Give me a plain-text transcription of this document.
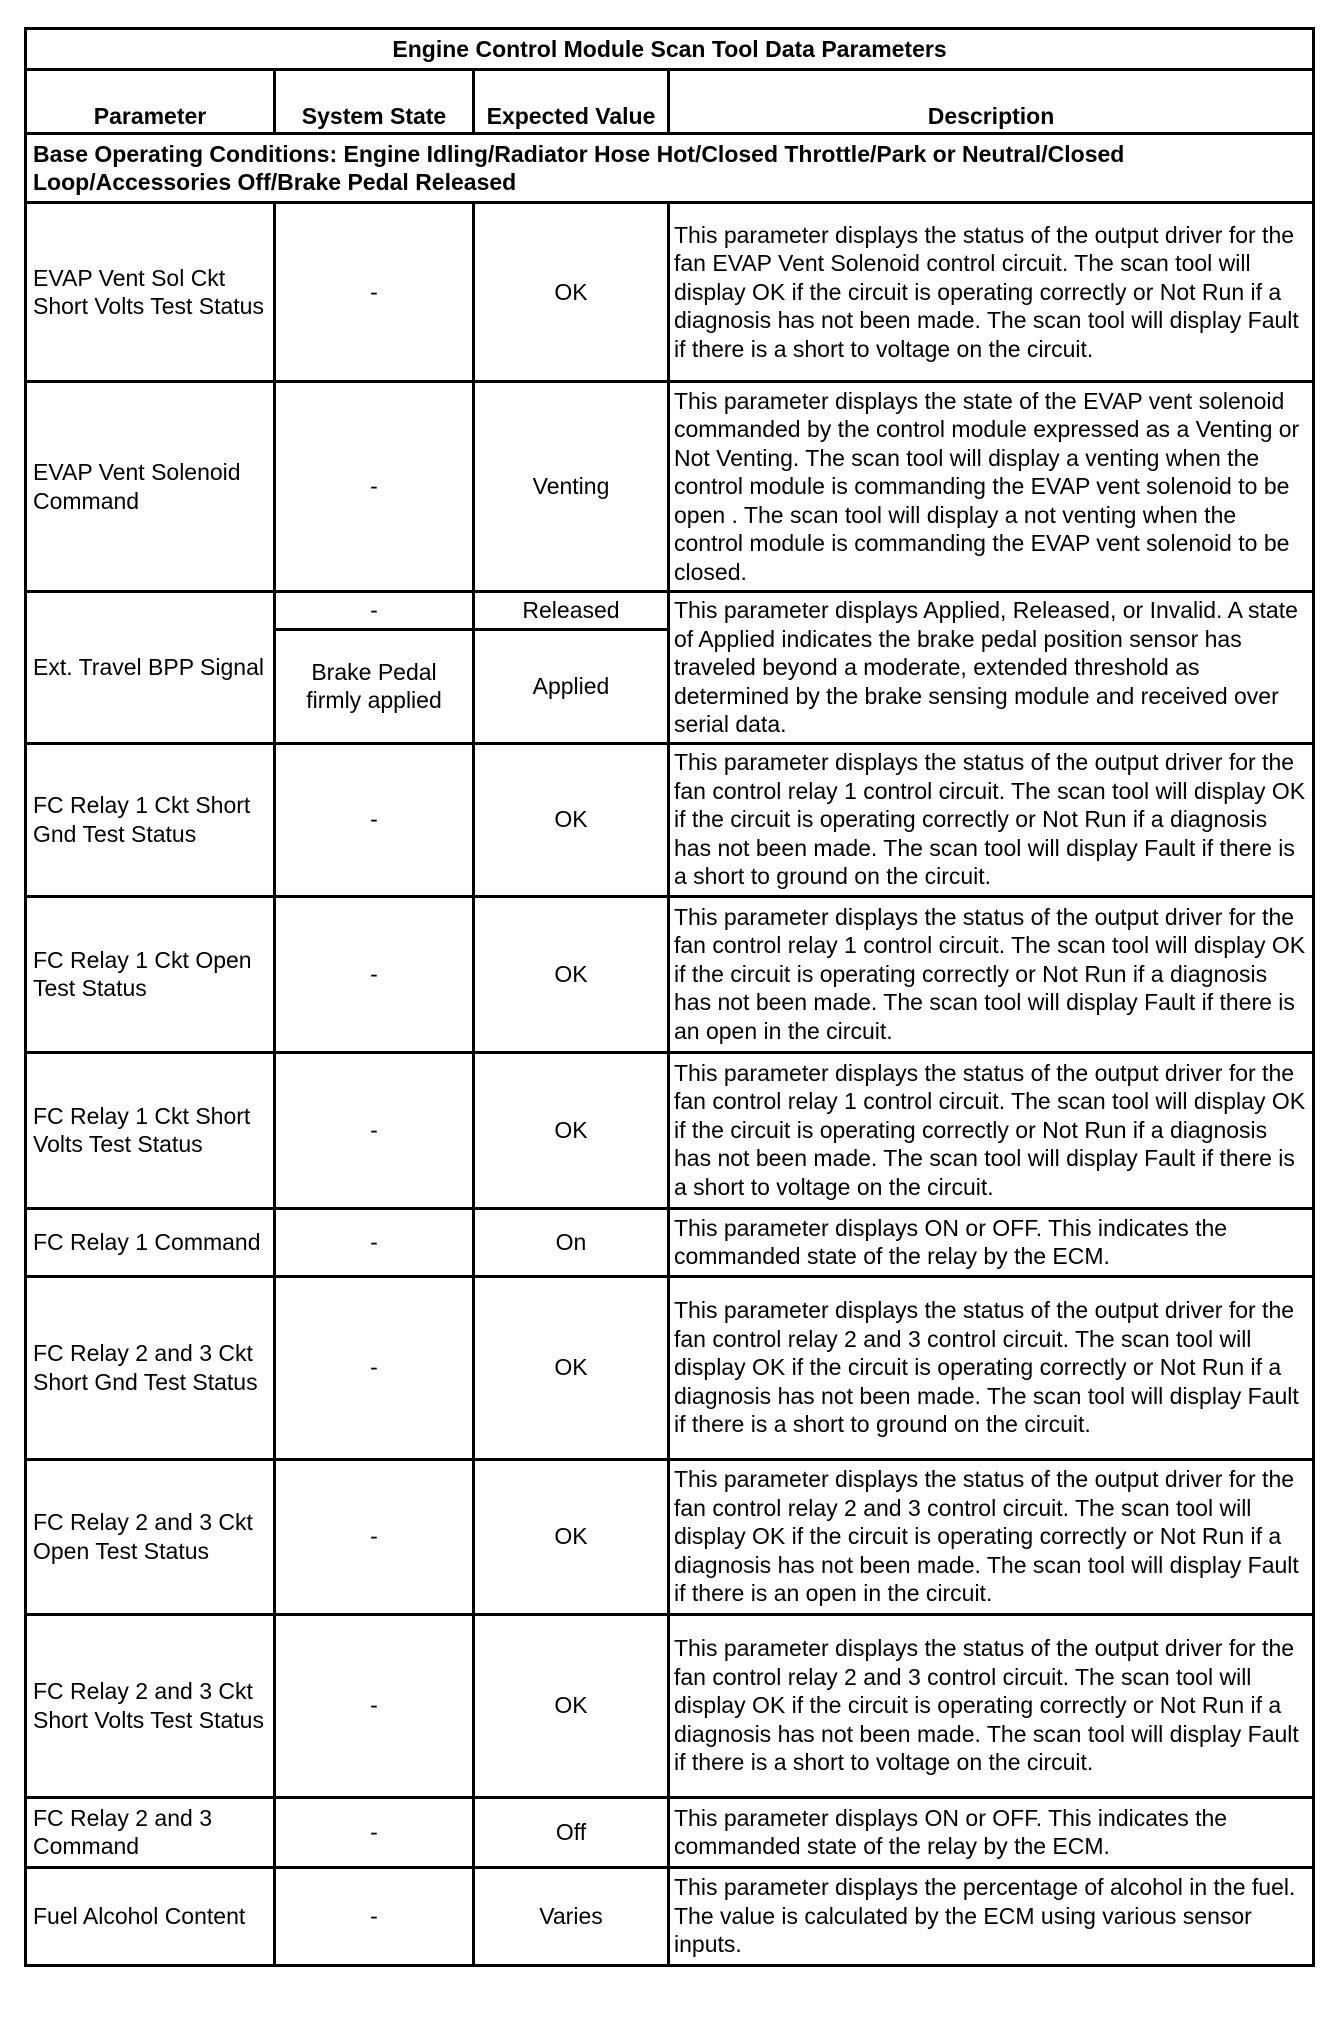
Engine Control Module Scan Tool Data Parameters			
Parameter	System State	Expected Value	Description
Base Operating Conditions: Engine Idling/Radiator Hose Hot/Closed Throttle/Park or Neutral/Closed Loop/Accessories Off/Brake Pedal Released			
EVAP Vent Sol Ckt Short Volts Test Status	-	OK	This parameter displays the status of the output driver for the fan EVAP Vent Solenoid control circuit. The scan tool will display OK if the circuit is operating correctly or Not Run if a diagnosis has not been made. The scan tool will display Fault if there is a short to voltage on the circuit.
EVAP Vent Solenoid Command	-	Venting	This parameter displays the state of the EVAP vent solenoid commanded by the control module expressed as a Venting or Not Venting. The scan tool will display a venting when the control module is commanding the EVAP vent solenoid to be open . The scan tool will display a not venting when the control module is commanding the EVAP vent solenoid to be closed.
Ext. Travel BPP Signal	-	Released	This parameter displays Applied, Released, or Invalid. A state of Applied indicates the brake pedal position sensor has traveled beyond a moderate, extended threshold as determined by the brake sensing module and received over serial data.
	Brake Pedal firmly applied	Applied	
FC Relay 1 Ckt Short Gnd Test Status	-	OK	This parameter displays the status of the output driver for the fan control relay 1 control circuit. The scan tool will display OK if the circuit is operating correctly or Not Run if a diagnosis has not been made. The scan tool will display Fault if there is a short to ground on the circuit.
FC Relay 1 Ckt Open Test Status	-	OK	This parameter displays the status of the output driver for the fan control relay 1 control circuit. The scan tool will display OK if the circuit is operating correctly or Not Run if a diagnosis has not been made. The scan tool will display Fault if there is an open in the circuit.
FC Relay 1 Ckt Short Volts Test Status	-	OK	This parameter displays the status of the output driver for the fan control relay 1 control circuit. The scan tool will display OK if the circuit is operating correctly or Not Run if a diagnosis has not been made. The scan tool will display Fault if there is a short to voltage on the circuit.
FC Relay 1 Command	-	On	This parameter displays ON or OFF. This indicates the commanded state of the relay by the ECM.
FC Relay 2 and 3 Ckt Short Gnd Test Status	-	OK	This parameter displays the status of the output driver for the fan control relay 2 and 3 control circuit. The scan tool will display OK if the circuit is operating correctly or Not Run if a diagnosis has not been made. The scan tool will display Fault if there is a short to ground on the circuit.
FC Relay 2 and 3 Ckt Open Test Status	-	OK	This parameter displays the status of the output driver for the fan control relay 2 and 3 control circuit. The scan tool will display OK if the circuit is operating correctly or Not Run if a diagnosis has not been made. The scan tool will display Fault if there is an open in the circuit.
FC Relay 2 and 3 Ckt Short Volts Test Status	-	OK	This parameter displays the status of the output driver for the fan control relay 2 and 3 control circuit. The scan tool will display OK if the circuit is operating correctly or Not Run if a diagnosis has not been made. The scan tool will display Fault if there is a short to voltage on the circuit.
FC Relay 2 and 3 Command	-	Off	This parameter displays ON or OFF. This indicates the commanded state of the relay by the ECM.
Fuel Alcohol Content	-	Varies	This parameter displays the percentage of alcohol in the fuel. The value is calculated by the ECM using various sensor inputs.
